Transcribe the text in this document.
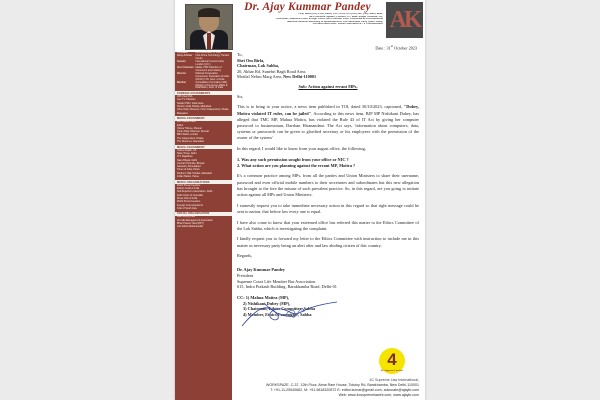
Dr. Ajay Kummar Pandey
LLB, MBA (UK), PhD, AIMA, PPL, ATAI, ICJ (UK), MP (UK), MMP, BHE,
MLC Harvard Square, London, CT, Blair Singer Institute, US.
Advocate, Supreme Court & High Court, MC-Criminal, Civil, Corporate & Constitutional
National General Secretary & Spokesperson, Lok Janshakti Party (Ram Vilas),
PM Modi NDA Govt. Vetran Journalist & TV Commentator AK
Date : 31st October 2023
President	IMA Association of India
Hony Adviser	Indo-China Technology Transfer Centre
Senator	International Council Jurist, London (U.K.)
Vice Chairman Madia, PHD Chamber of Commerce and Industry
Director	National Cooperative Consumers' Federation of India (NCCF) LTD, Govt. of India
Member	Consultative Committee (SW), Ministry of Consumer affairs & Distribution, Govt. of India
FOREIGN ASSIGNMENTS
LBS Visa USA
Geo TV, Pakistan
Sarkari PRO, India News
Nurtium India Patrika, Allahabad
Orion Daily Observer, Orion Independent, Dhaka
Bangalore
MEDIA ASSIGNMENT
Item Media, Delhi
Editor
Orissa Tribune, Muscat
Oman Daily Observer, Muscat
BBC Radio, London
The Independent, Dhaka
The Observer, Islamabad
MEDIA ASSIGNMENT
Onkus Awaah, US
State Times, Delhi
LTV Rajasthan
Navu Bharat, Delhi
Central Chronicle, Bhopal
Sandesh, Ahmedabad
Times of India, Patna
Northern Half, Patrika, Allahabad
Indian Nation, Patna
MEDIA ORGANISATIONS
World Press Freedom
Editors Guild of India
Self Reporter's Association, Delhi
Delhi Union of Journalist
Press Club of India
World Press Freedom
Foreign Correspondents
Club of South Asia
SOCIAL ORGANISATION
Delhi Flying Club
All India Management Association
Bihar Pravas Yatra (BPY)
Lok Sabha Mahamandal
To,
Shri Om Birla,
Chairman, Lok Sabha,
20, Akbar Rd, Sunehri Bagh Road Area,
Motilal Nehru Marg Area, New Delhi-110001
Sub: Action against errant MPs.
Sir,

This is to bring to your notice, a news item published in TOI, dated 30/10/2023, captioned, "Dubey, Moitra violated IT rules, can be jailed". According to this news item, BJP MP Nishikant Dubey, has alleged that TMC MP, Mahua Moitra, has violated the Rule 43 of IT Act by giving her computer password to businessman, Darshan Hiranandani. The Act says, 'information about computers, data, systems or passwords can be given to glorified secretary or his employees with the permission of the owner of the system'

In this regard, I would like to know from your august office, the following,

1. Was any such permission sought from your office or NIC ?
2. What action are you planning against the errant MP, Moitra ?

It's a common practice among MPs, from all the parties and Union Ministers to share their username, password and even official mobile numbers to their secretaries and subordinates but this new allegation has brought to the fore the misuse of such prevalent practice. So, in this regard, are you going to initiate action against all MPs and Union Ministers.

I earnestly request you to take immediate necessary action in this regard so that right message could be sent to nation, that before law every one is equal.

I have also come to know that your esteemed office has referred this matter to the Ethics Committee of the Lok Sabha, which is investigating the complaint.

I kindly request you to forward my letter to the Ethics Committee with instruction to include me in this matter as necessary party being an alert after and law abiding citizen of this country.

Regards,
Dr. Ajay Kummar Pandey
President
Supreme Court Life Member Bar Association
615, Indra Prakash Building, Barakhamba Road, Delhi-01
CC: 1) Mahua Moitra (MP),
2) Nishikant Dubey (MP),
3) Chairman, Ethics Committee, Sabha
4) Member, Ethics Committee, Sabha
4
4C Supreme Law Int.
4C Supreme Law International,
WORKSPAZE, C-37, 12th Floor, Atma Ram House, Tolstoy Rd, Barakhamba, New Delhi-110001
T: +91-11-25540662, M: +91-9818320572 E: editor.kumar@gmail.com, advocate@ajaykr.com
Web: www.4csupremelawint.com, www.ajaykr.com
